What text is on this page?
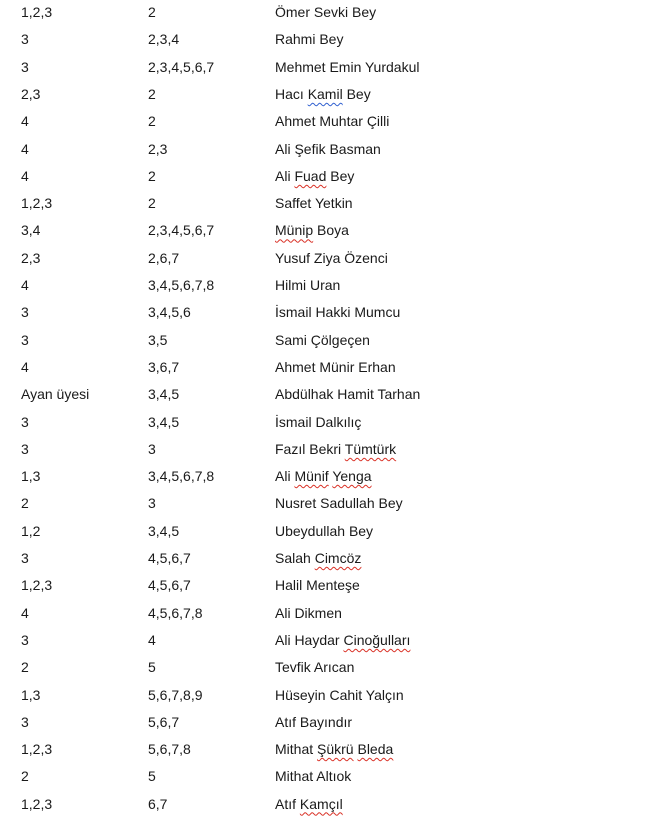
1,2,3	2	Ömer Sevki Bey
3	2,3,4	Rahmi Bey
3	2,3,4,5,6,7	Mehmet Emin Yurdakul
2,3	2	Hacı Kamil Bey
4	2	Ahmet Muhtar Çilli
4	2,3	Ali Şefik Basman
4	2	Ali Fuad Bey
1,2,3	2	Saffet Yetkin
3,4	2,3,4,5,6,7	Münip Boya
2,3	2,6,7	Yusuf Ziya Özenci
4	3,4,5,6,7,8	Hilmi Uran
3	3,4,5,6	İsmail Hakki Mumcu
3	3,5	Sami Çölgeçen
4	3,6,7	Ahmet Münir Erhan
Ayan üyesi	3,4,5	Abdülhak Hamit Tarhan
3	3,4,5	İsmail Dalkılıç
3	3	Fazıl Bekri Tümtürk
1,3	3,4,5,6,7,8	Ali Münif Yenga
2	3	Nusret Sadullah Bey
1,2	3,4,5	Ubeydullah Bey
3	4,5,6,7	Salah Cimcöz
1,2,3	4,5,6,7	Halil Menteşe
4	4,5,6,7,8	Ali Dikmen
3	4	Ali Haydar Cinoğulları
2	5	Tevfik Arıcan
1,3	5,6,7,8,9	Hüseyin Cahit Yalçın
3	5,6,7	Atıf Bayındır
1,2,3	5,6,7,8	Mithat Şükrü Bleda
2	5	Mithat Altıok
1,2,3	6,7	Atıf Kamçıl
